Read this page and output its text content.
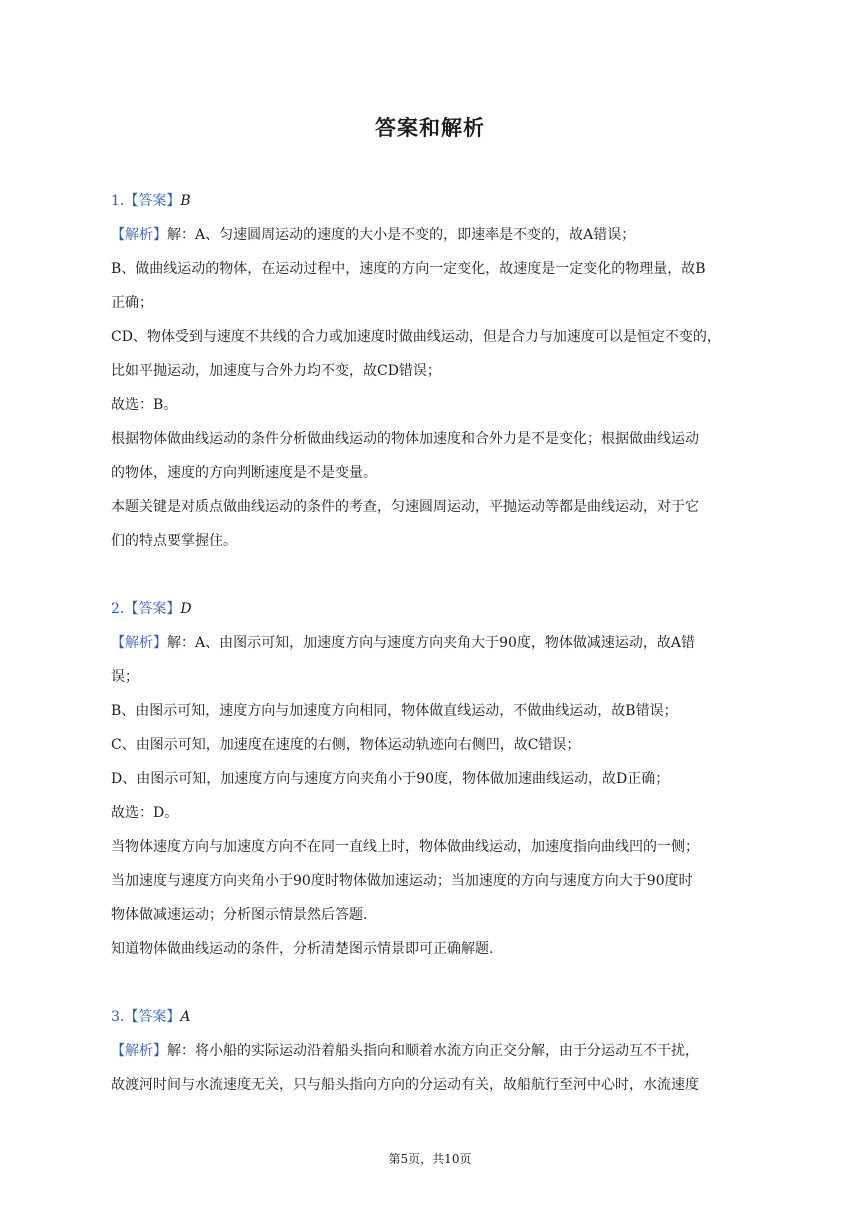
答案和解析
1.【答案】B
【解析】解：A、匀速圆周运动的速度的大小是不变的，即速率是不变的，故A错误；
B、做曲线运动的物体，在运动过程中，速度的方向一定变化，故速度是一定变化的物理量，故B
正确；
CD、物体受到与速度不共线的合力或加速度时做曲线运动，但是合力与加速度可以是恒定不变的，
比如平抛运动，加速度与合外力均不变，故CD错误；
故选：B。
根据物体做曲线运动的条件分析做曲线运动的物体加速度和合外力是不是变化；根据做曲线运动
的物体，速度的方向判断速度是不是变量。
本题关键是对质点做曲线运动的条件的考查，匀速圆周运动，平抛运动等都是曲线运动，对于它
们的特点要掌握住。
2.【答案】D
【解析】解：A、由图示可知，加速度方向与速度方向夹角大于90度，物体做减速运动，故A错
误；
B、由图示可知，速度方向与加速度方向相同，物体做直线运动，不做曲线运动，故B错误；
C、由图示可知，加速度在速度的右侧，物体运动轨迹向右侧凹，故C错误；
D、由图示可知，加速度方向与速度方向夹角小于90度，物体做加速曲线运动，故D正确；
故选：D。
当物体速度方向与加速度方向不在同一直线上时，物体做曲线运动，加速度指向曲线凹的一侧；
当加速度与速度方向夹角小于90度时物体做加速运动；当加速度的方向与速度方向大于90度时
物体做减速运动；分析图示情景然后答题.
知道物体做曲线运动的条件，分析清楚图示情景即可正确解题.
3.【答案】A
【解析】解：将小船的实际运动沿着船头指向和顺着水流方向正交分解，由于分运动互不干扰，
故渡河时间与水流速度无关，只与船头指向方向的分运动有关，故船航行至河中心时，水流速度
第5页，共10页
